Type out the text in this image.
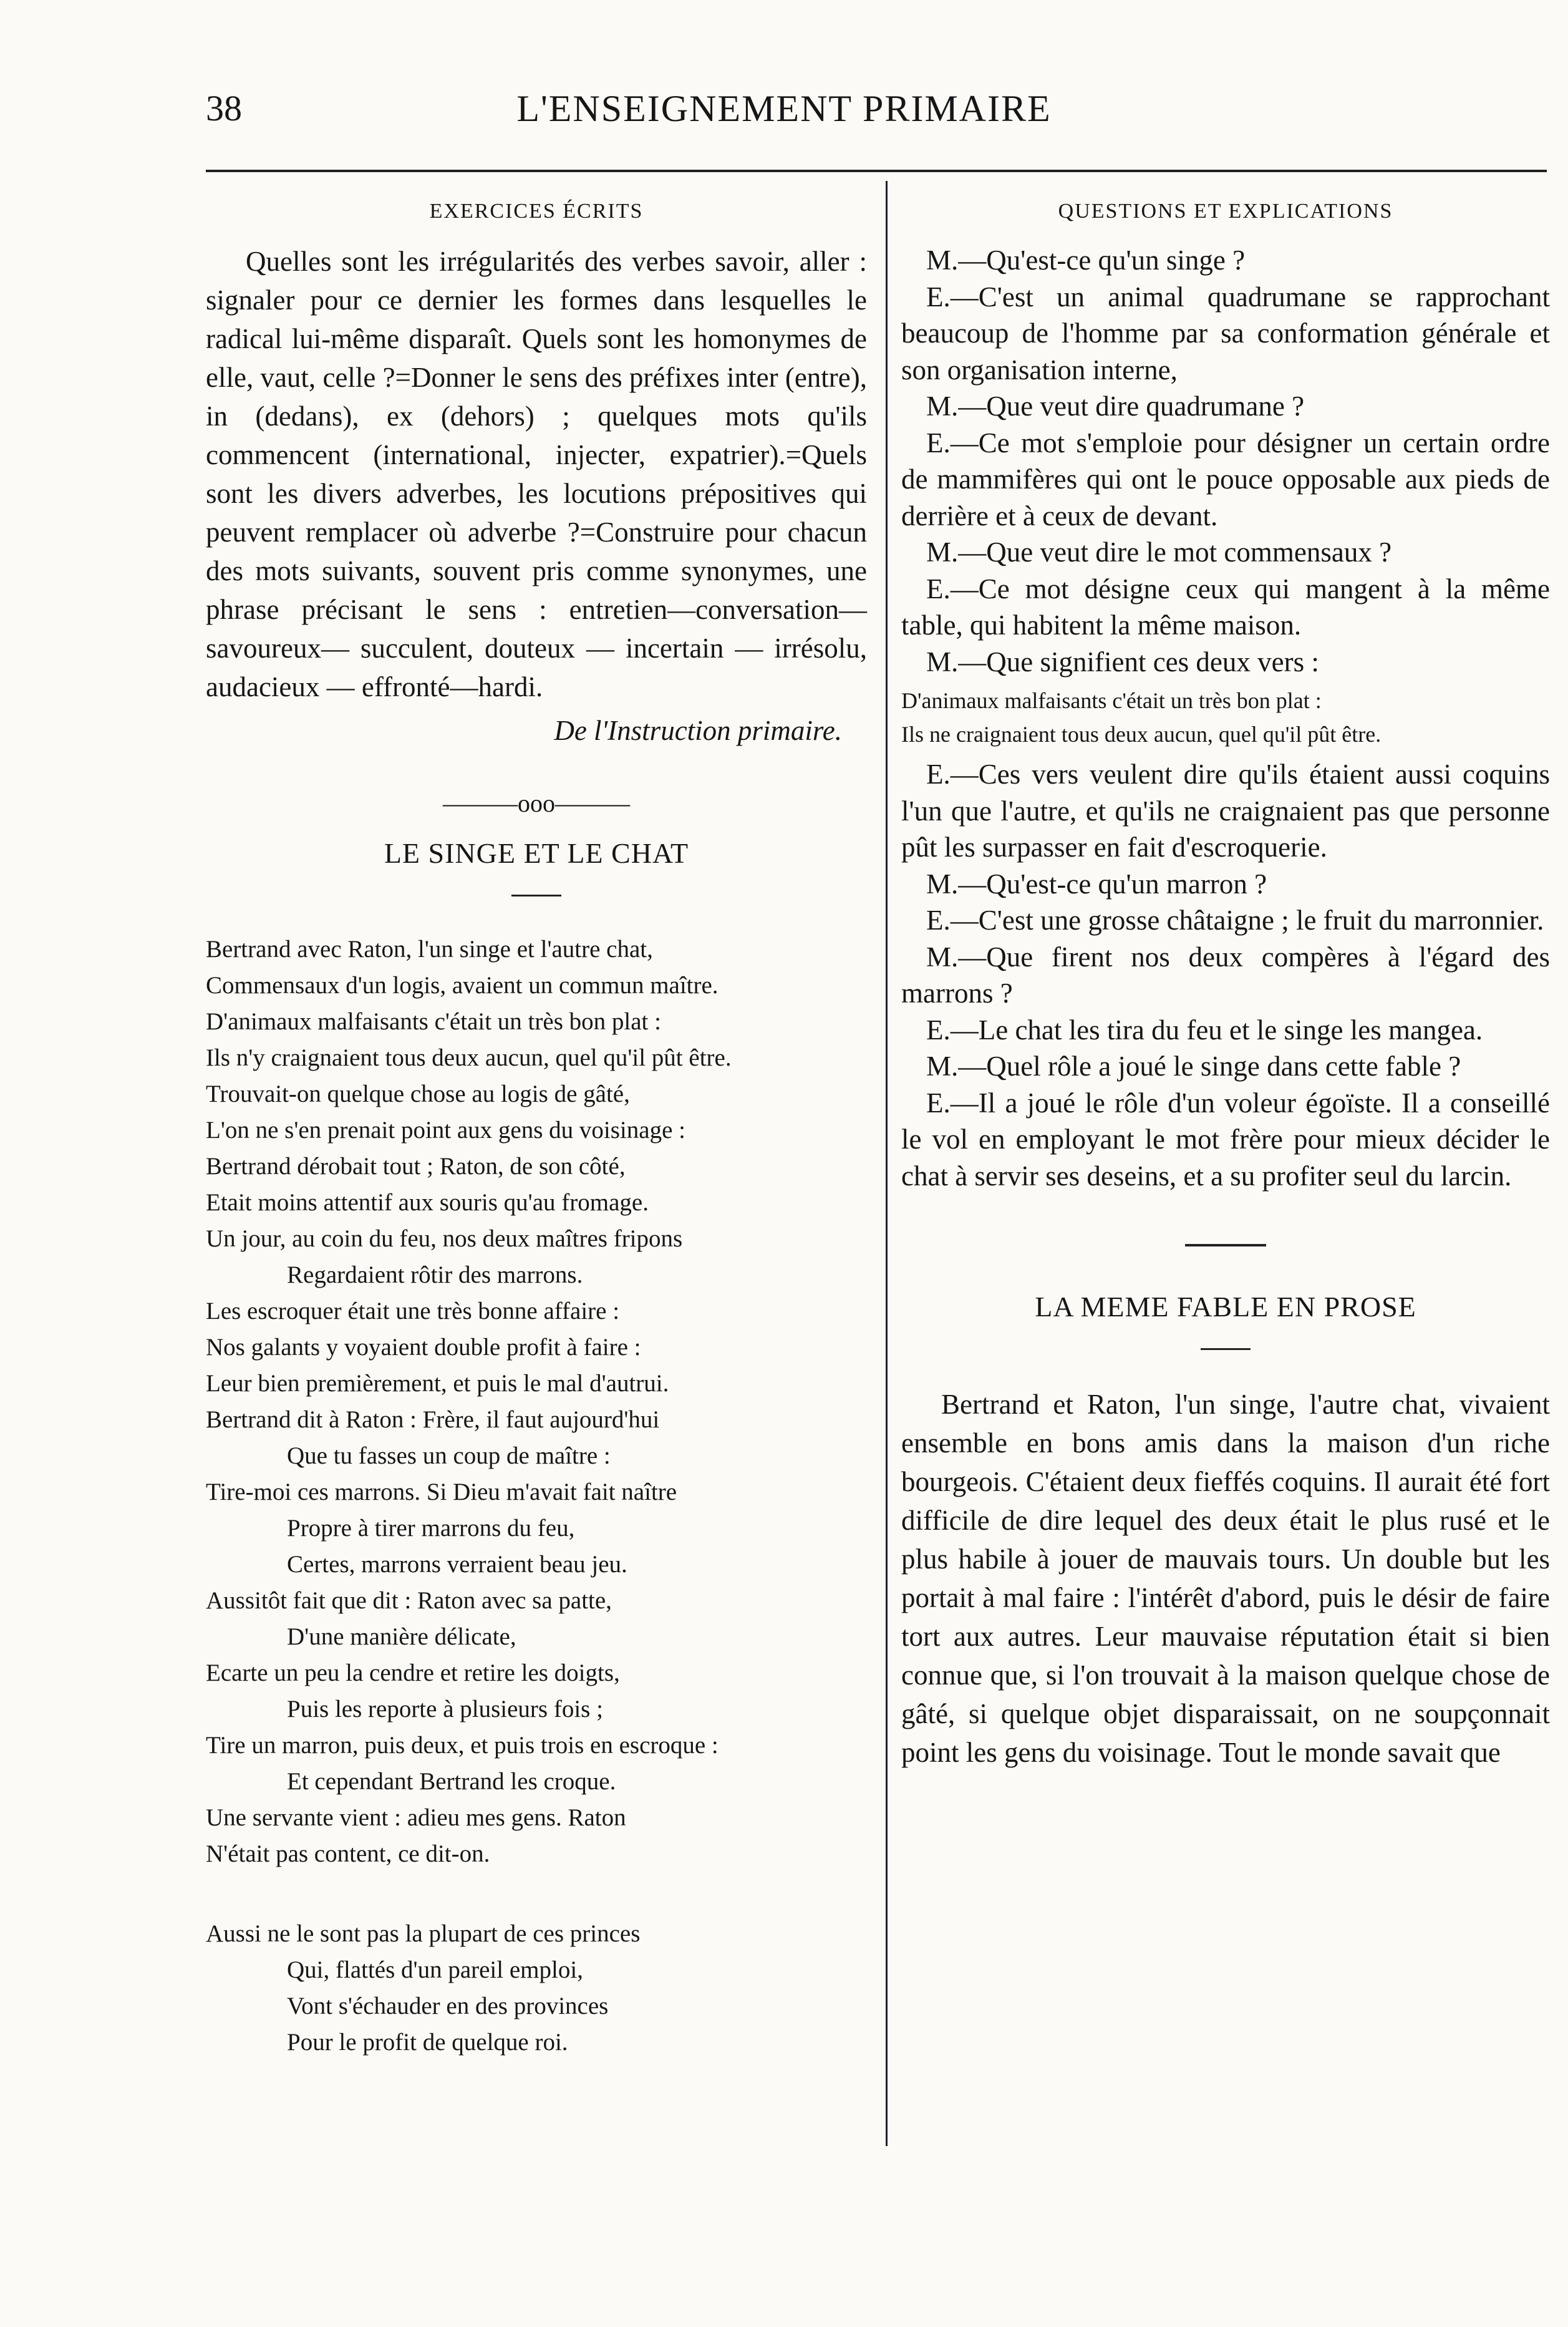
38	L'ENSEIGNEMENT PRIMAIRE
EXERCICES ÉCRITS

Quelles sont les irrégularités des verbes savoir, aller : signaler pour ce dernier les formes dans lesquelles le radical lui-même disparaît. Quels sont les homonymes de elle, vaut, celle ?=Donner le sens des préfixes inter (entre), in (dedans), ex (dehors) ; quelques mots qu'ils commencent (international, injecter, expatrier).=Quels sont les divers adverbes, les locutions prépositives qui peuvent remplacer où adverbe ?=Construire pour chacun des mots suivants, souvent pris comme synonymes, une phrase précisant le sens : entretien—conversation—savoureux— succulent, douteux — incertain — irrésolu, audacieux — effronté—hardi.

De l'Instruction primaire.
———ooo———
LE SINGE ET LE CHAT
Bertrand avec Raton, l'un singe et l'autre chat,
Commensaux d'un logis, avaient un commun maître.
D'animaux malfaisants c'était un très bon plat :
Ils n'y craignaient tous deux aucun, quel qu'il pût être.
Trouvait-on quelque chose au logis de gâté,
L'on ne s'en prenait point aux gens du voisinage :
Bertrand dérobait tout ; Raton, de son côté,
Etait moins attentif aux souris qu'au fromage.
Un jour, au coin du feu, nos deux maîtres fripons
Regardaient rôtir des marrons.
Les escroquer était une très bonne affaire :
Nos galants y voyaient double profit à faire :
Leur bien premièrement, et puis le mal d'autrui.
Bertrand dit à Raton : Frère, il faut aujourd'hui
Que tu fasses un coup de maître :
Tire-moi ces marrons. Si Dieu m'avait fait naître
Propre à tirer marrons du feu,
Certes, marrons verraient beau jeu.
Aussitôt fait que dit : Raton avec sa patte,
D'une manière délicate,
Ecarte un peu la cendre et retire les doigts,
Puis les reporte à plusieurs fois ;
Tire un marron, puis deux, et puis trois en escroque :
Et cependant Bertrand les croque.
Une servante vient : adieu mes gens. Raton
N'était pas content, ce dit-on.
Aussi ne le sont pas la plupart de ces princes
Qui, flattés d'un pareil emploi,
Vont s'échauder en des provinces
Pour le profit de quelque roi.
QUESTIONS ET EXPLICATIONS

M.—Qu'est-ce qu'un singe ?

E.—C'est un animal quadrumane se rapprochant beaucoup de l'homme par sa conformation générale et son organisation interne,

M.—Que veut dire quadrumane ?

E.—Ce mot s'emploie pour désigner un certain ordre de mammifères qui ont le pouce opposable aux pieds de derrière et à ceux de devant.

M.—Que veut dire le mot commensaux ?

E.—Ce mot désigne ceux qui mangent à la même table, qui habitent la même maison.

M.—Que signifient ces deux vers :

D'animaux malfaisants c'était un très bon plat :

Ils ne craignaient tous deux aucun, quel qu'il pût être.

E.—Ces vers veulent dire qu'ils étaient aussi coquins l'un que l'autre, et qu'ils ne craignaient pas que personne pût les surpasser en fait d'escroquerie.

M.—Qu'est-ce qu'un marron ?

E.—C'est une grosse châtaigne ; le fruit du marronnier.

M.—Que firent nos deux compères à l'égard des marrons ?

E.—Le chat les tira du feu et le singe les mangea.

M.—Quel rôle a joué le singe dans cette fable ?

E.—Il a joué le rôle d'un voleur égoïste. Il a conseillé le vol en employant le mot frère pour mieux décider le chat à servir ses deseins, et a su profiter seul du larcin.

LA MEME FABLE EN PROSE

Bertrand et Raton, l'un singe, l'autre chat, vivaient ensemble en bons amis dans la maison d'un riche bourgeois. C'étaient deux fieffés coquins. Il aurait été fort difficile de dire lequel des deux était le plus rusé et le plus habile à jouer de mauvais tours. Un double but les portait à mal faire : l'intérêt d'abord, puis le désir de faire tort aux autres. Leur mauvaise réputation était si bien connue que, si l'on trouvait à la maison quelque chose de gâté, si quelque objet disparaissait, on ne soupçonnait point les gens du voisinage. Tout le monde savait que
